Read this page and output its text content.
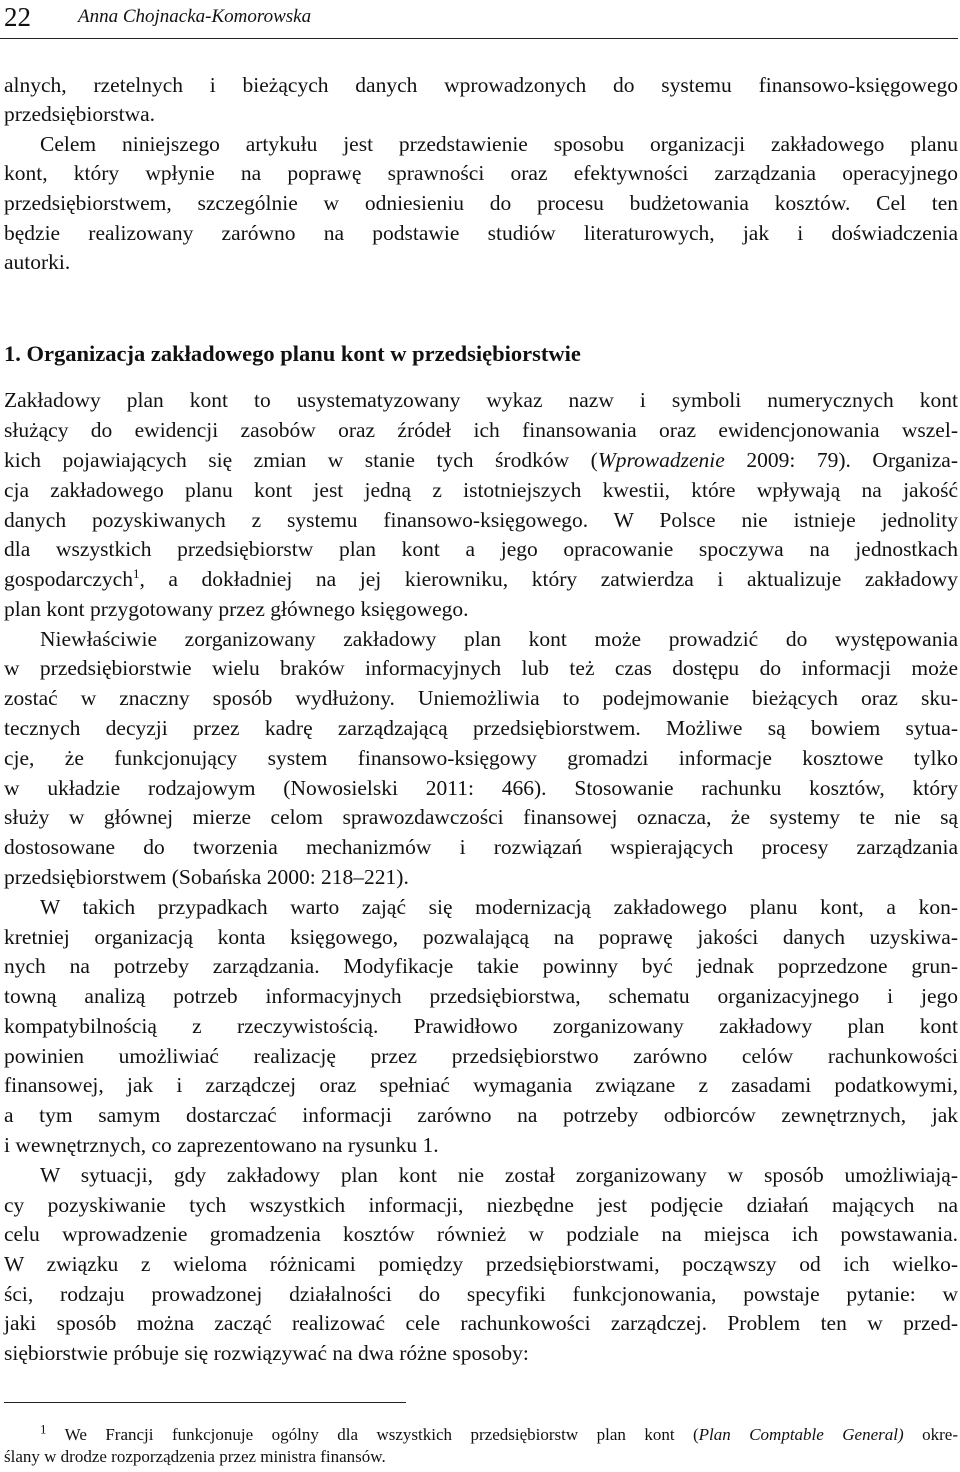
22 Anna Chojnacka-Komorowska
alnych, rzetelnych i bieżących danych wprowadzonych do systemu finansowo-księgowego
przedsiębiorstwa.
Celem niniejszego artykułu jest przedstawienie sposobu organizacji zakładowego planu
kont, który wpłynie na poprawę sprawności oraz efektywności zarządzania operacyjnego
przedsiębiorstwem, szczególnie w odniesieniu do procesu budżetowania kosztów. Cel ten
będzie realizowany zarówno na podstawie studiów literaturowych, jak i doświadczenia
autorki.
1. Organizacja zakładowego planu kont w przedsiębiorstwie
Zakładowy plan kont to usystematyzowany wykaz nazw i symboli numerycznych kont
służący do ewidencji zasobów oraz źródeł ich finansowania oraz ewidencjonowania wszel-
kich pojawiających się zmian w stanie tych środków (Wprowadzenie 2009: 79). Organiza-
cja zakładowego planu kont jest jedną z istotniejszych kwestii, które wpływają na jakość
danych pozyskiwanych z systemu finansowo-księgowego. W Polsce nie istnieje jednolity
dla wszystkich przedsiębiorstw plan kont a jego opracowanie spoczywa na jednostkach
gospodarczych$^1$, a dokładniej na jej kierowniku, który zatwierdza i aktualizuje zakładowy
plan kont przygotowany przez głównego księgowego.
Niewłaściwie zorganizowany zakładowy plan kont może prowadzić do występowania
w przedsiębiorstwie wielu braków informacyjnych lub też czas dostępu do informacji może
zostać w znaczny sposób wydłużony. Uniemożliwia to podejmowanie bieżących oraz sku-
tecznych decyzji przez kadrę zarządzającą przedsiębiorstwem. Możliwe są bowiem sytua-
cje, że funkcjonujący system finansowo-księgowy gromadzi informacje kosztowe tylko
w układzie rodzajowym (Nowosielski 2011: 466). Stosowanie rachunku kosztów, który
służy w głównej mierze celom sprawozdawczości finansowej oznacza, że systemy te nie są
dostosowane do tworzenia mechanizmów i rozwiązań wspierających procesy zarządzania
przedsiębiorstwem (Sobańska 2000: 218–221).
W takich przypadkach warto zająć się modernizacją zakładowego planu kont, a kon-
kretniej organizacją konta księgowego, pozwalającą na poprawę jakości danych uzyskiwa-
nych na potrzeby zarządzania. Modyfikacje takie powinny być jednak poprzedzone grun-
towną analizą potrzeb informacyjnych przedsiębiorstwa, schematu organizacyjnego i jego
kompatybilnością z rzeczywistością. Prawidłowo zorganizowany zakładowy plan kont
powinien umożliwiać realizację przez przedsiębiorstwo zarówno celów rachunkowości
finansowej, jak i zarządczej oraz spełniać wymagania związane z zasadami podatkowymi,
a tym samym dostarczać informacji zarówno na potrzeby odbiorców zewnętrznych, jak
i wewnętrznych, co zaprezentowano na rysunku 1.
W sytuacji, gdy zakładowy plan kont nie został zorganizowany w sposób umożliwiają-
cy pozyskiwanie tych wszystkich informacji, niezbędne jest podjęcie działań mających na
celu wprowadzenie gromadzenia kosztów również w podziale na miejsca ich powstawania.
W związku z wieloma różnicami pomiędzy przedsiębiorstwami, począwszy od ich wielko-
ści, rodzaju prowadzonej działalności do specyfiki funkcjonowania, powstaje pytanie: w
jaki sposób można zacząć realizować cele rachunkowości zarządczej. Problem ten w przed-
siębiorstwie próbuje się rozwiązywać na dwa różne sposoby:
$^1$ We Francji funkcjonuje ogólny dla wszystkich przedsiębiorstw plan kont (Plan Comptable General) okre-
ślany w drodze rozporządzenia przez ministra finansów.
